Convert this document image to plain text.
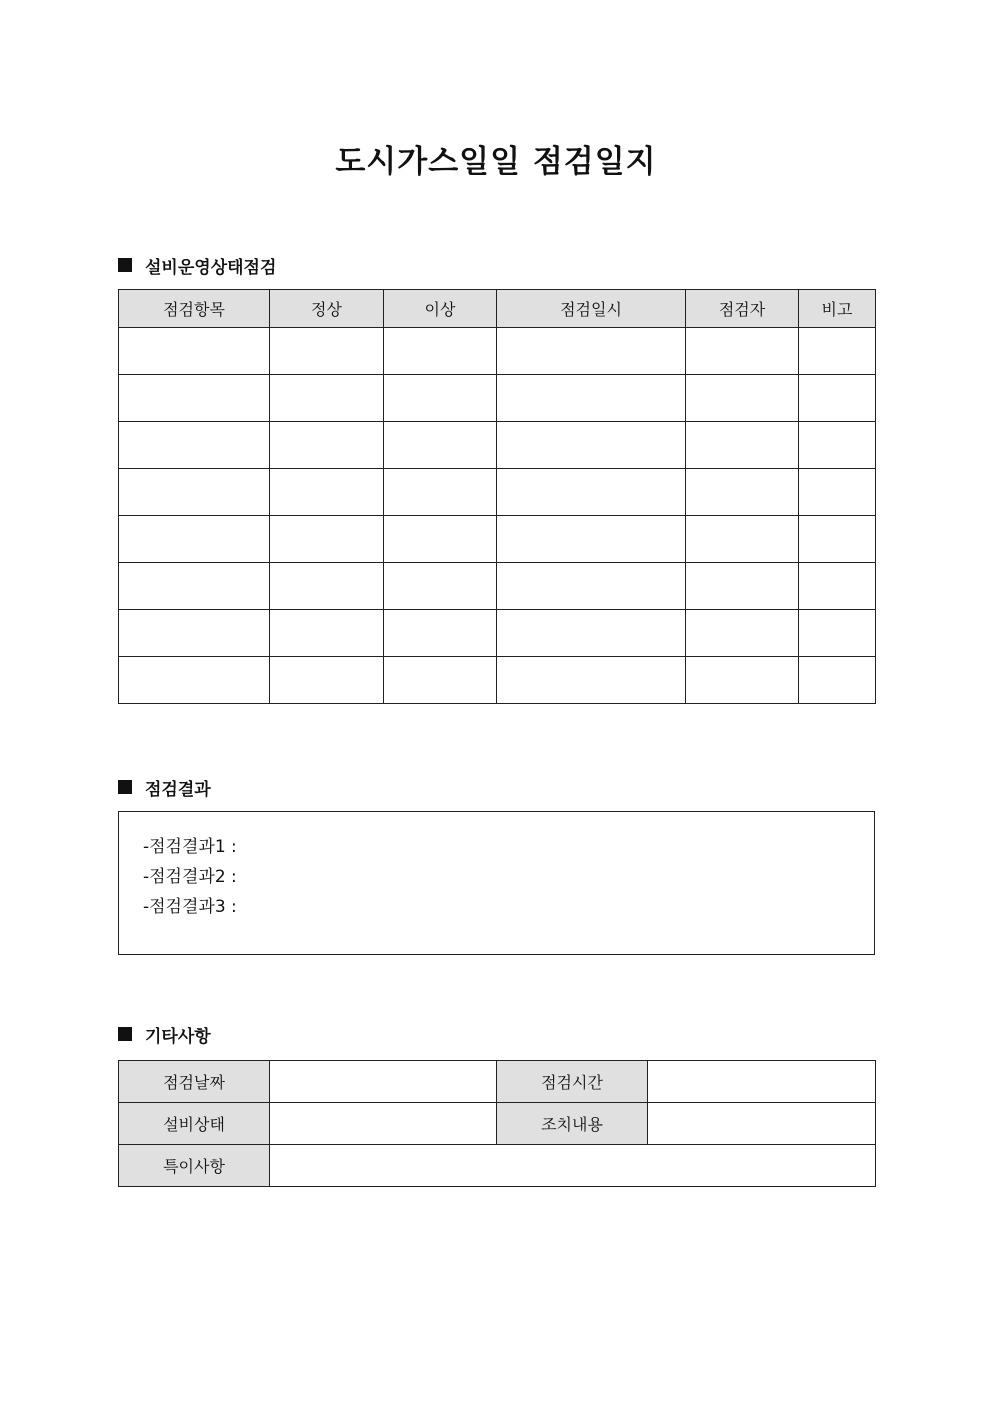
도시가스일일 점검일지
설비운영상태점검
점검항목	정상	이상	점검일시	점검자	비고

점검결과
-점검결과1 :
-점검결과2 :
-점검결과3 :
기타사항
점검날짜		점검시간	
설비상태		조치내용	
특이사항			
